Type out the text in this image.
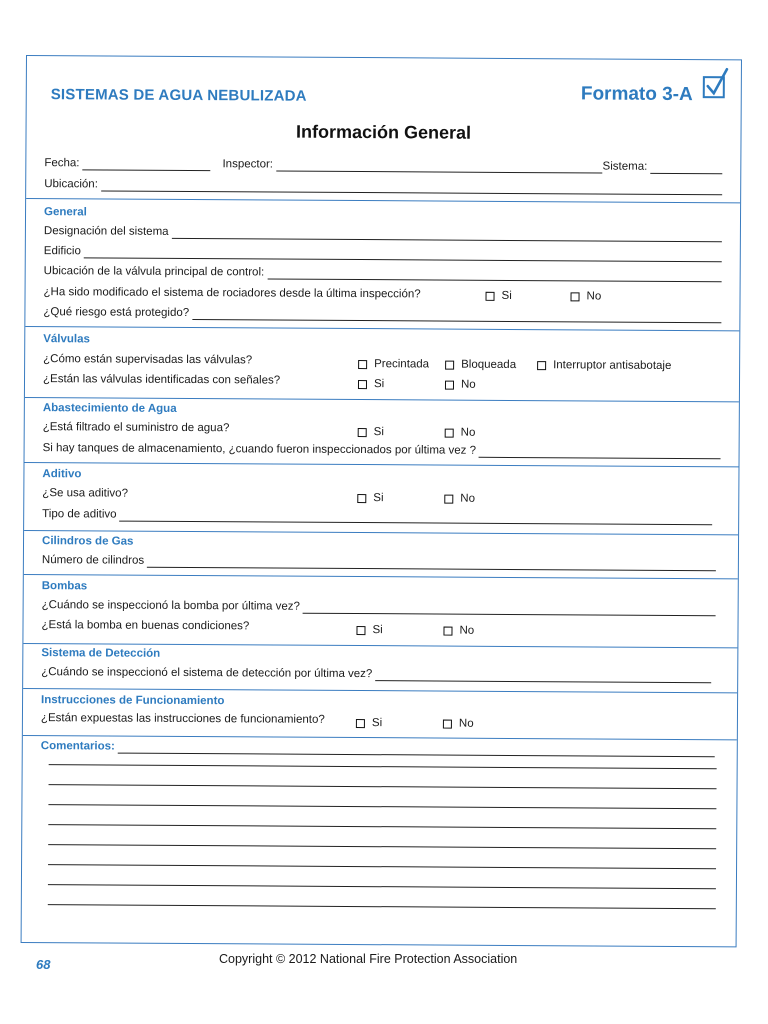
SISTEMAS DE AGUA NEBULIZADA	Formato 3-A
Información General
Fecha:	Inspector:	Sistema:
Ubicación:
General
Designación del sistema
Edificio
Ubicación de la válvula principal de control:
¿Ha sido modificado el sistema de rociadores desde la última inspección?	Si	No
¿Qué riesgo está protegido?
Válvulas
¿Cómo están supervisadas las válvulas?	Precintada	Bloqueada	Interruptor antisabotaje
¿Están las válvulas identificadas con señales?	Si	No
Abastecimiento de Agua
¿Está filtrado el suministro de agua?	Si	No
Si hay tanques de almacenamiento, ¿cuando fueron inspeccionados por última vez ?
Aditivo
¿Se usa aditivo?	Si	No
Tipo de aditivo
Cilindros de Gas
Número de cilindros
Bombas
¿Cuándo se inspeccionó la bomba por última vez?
¿Está la bomba en buenas condiciones?	Si	No
Sistema de Detección
¿Cuándo se inspeccionó el sistema de detección por última vez?
Instrucciones de Funcionamiento
¿Están expuestas las instrucciones de funcionamiento?	Si	No
Comentarios:
68	Copyright © 2012 National Fire Protection Association
